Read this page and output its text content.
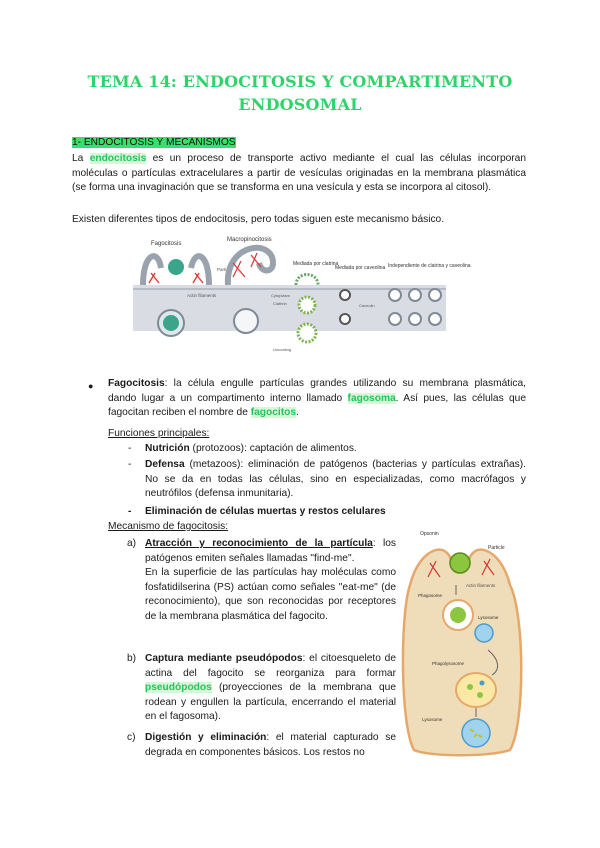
TEMA 14: ENDOCITOSIS Y COMPARTIMENTO
ENDOSOMAL
1- ENDOCITOSIS Y MECANISMOS
La endocitosis es un proceso de transporte activo mediante el cual las células incorporan moléculas o partículas extracelulares a partir de vesículas originadas en la membrana plasmática (se forma una invaginación que se transforma en una vesícula y esta se incorpora al citosol).
Existen diferentes tipos de endocitosis, pero todas siguen este mecanismo básico.
Fagocitosis
Particle
Actin filaments
Macropinocitosis
Mediada por clatrina
Cytoplasm
Clathrin
Uncoating
Mediada por caveolina
Caveolin
Independiente de clatrina y caveolina
● Fagocitosis: la célula engulle partículas grandes utilizando su membrana plasmática, dando lugar a un compartimento interno llamado fagosoma. Así pues, las células que fagocitan reciben el nombre de fagocitos.
Funciones principales:
- Nutrición (protozoos): captación de alimentos.
- Defensa (metazoos): eliminación de patógenos (bacterias y partículas extrañas). No se da en todas las células, sino en especializadas, como macrófagos y neutrófilos (defensa inmunitaria).
- Eliminación de células muertas y restos celulares
Mecanismo de fagocitosis:
a) Atracción y reconocimiento de la partícula: los patógenos emiten señales llamadas "find-me".
En la superficie de las partículas hay moléculas como fosfatidilserina (PS) actúan como señales "eat-me" (de reconocimiento), que son reconocidas por receptores de la membrana plasmática del fagocito.
b) Captura mediante pseudópodos: el citoesqueleto de actina del fagocito se reorganiza para formar pseudópodos (proyecciones de la membrana que rodean y engullen la partícula, encerrando el material en el fagosoma).
c) Digestión y eliminación: el material capturado se degrada en componentes básicos. Los restos no
Opsonin
Particle
Actin filaments
Phagosome
Lysosome
Phagolysosome
Lysosome
